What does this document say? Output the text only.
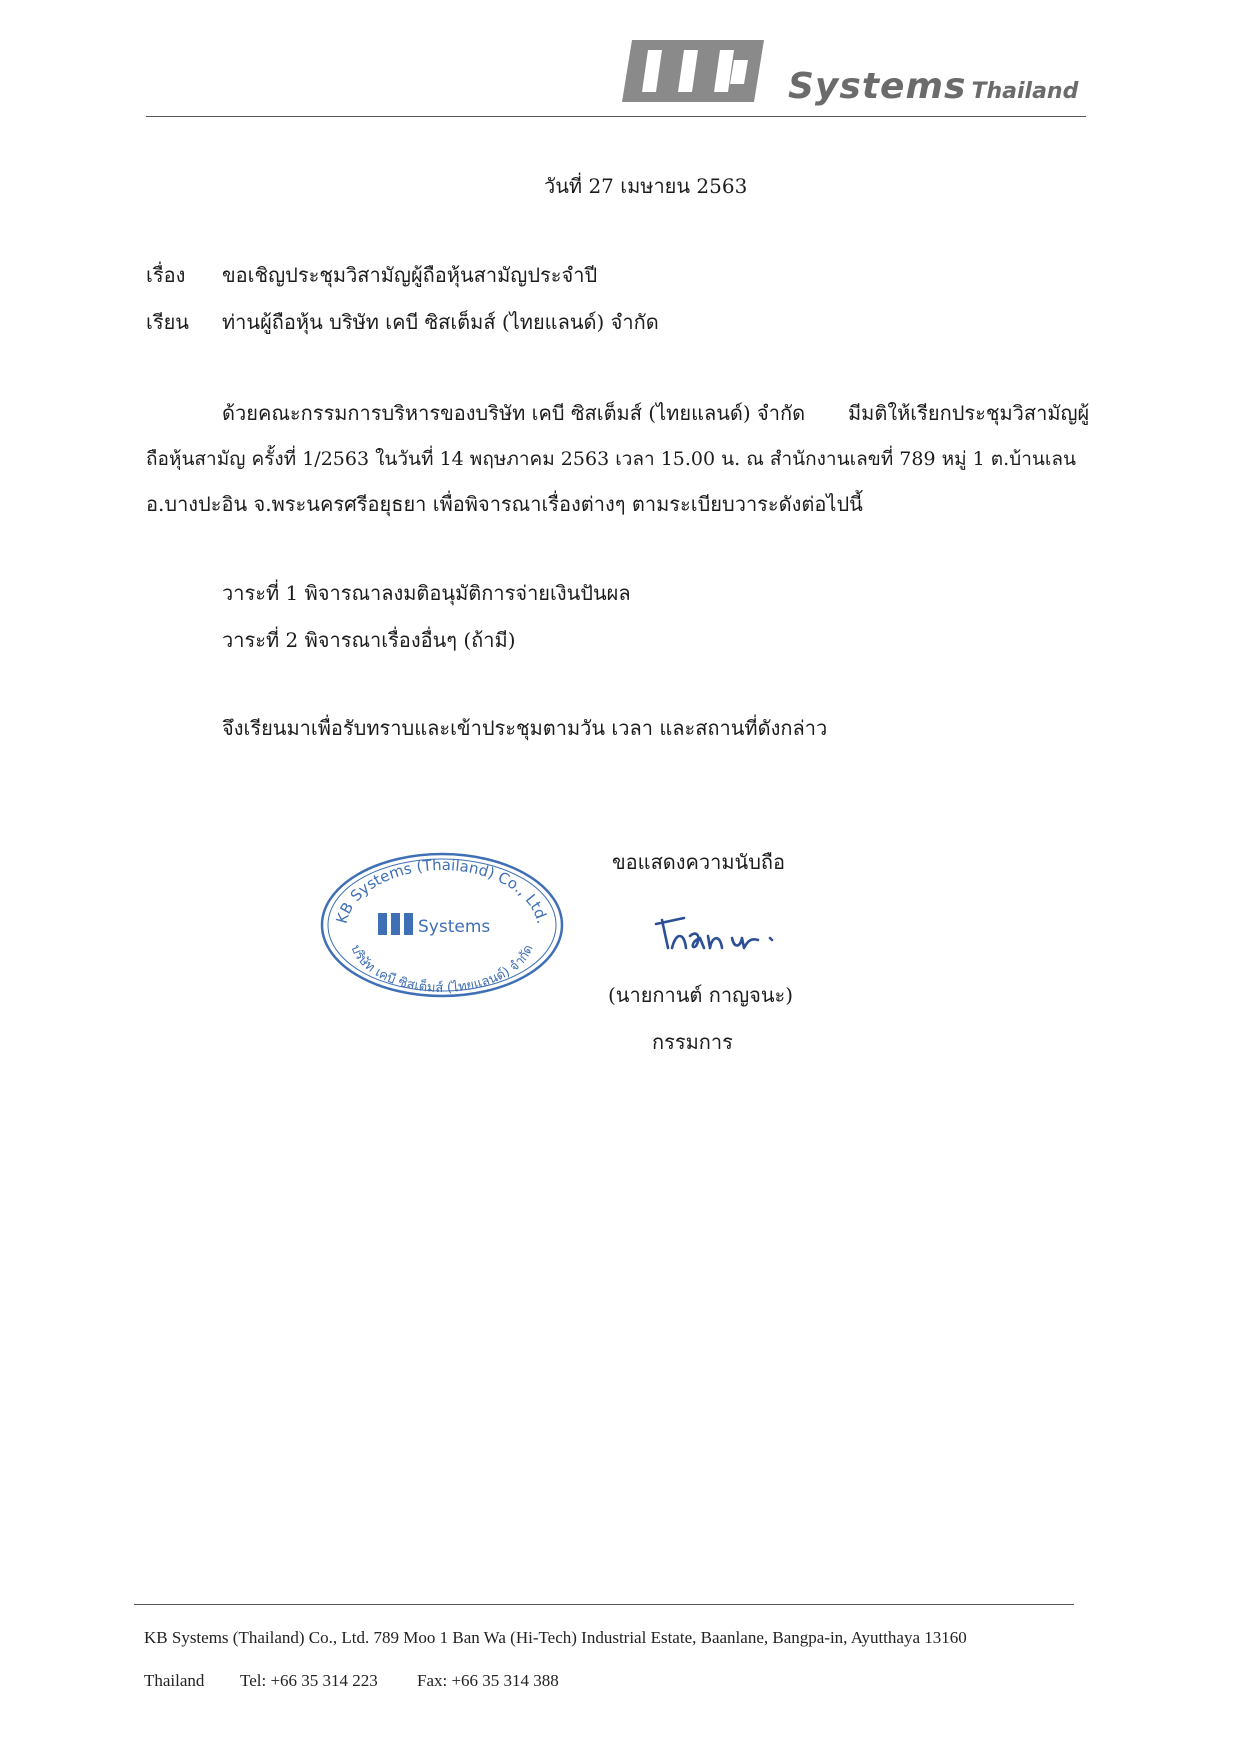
Systems Thailand
วันที่ 27 เมษายน 2563
เรื่อง ขอเชิญประชุมวิสามัญผู้ถือหุ้นสามัญประจำปี
เรียน ท่านผู้ถือหุ้น บริษัท เคบี ซิสเต็มส์ (ไทยแลนด์) จำกัด
ด้วยคณะกรรมการบริหารของบริษัท เคบี ซิสเต็มส์ (ไทยแลนด์) จำกัด มีมติให้เรียกประชุมวิสามัญผู้
ถือหุ้นสามัญ ครั้งที่ 1/2563 ในวันที่ 14 พฤษภาคม 2563 เวลา 15.00 น. ณ สำนักงานเลขที่ 789 หมู่ 1 ต.บ้านเลน
อ.บางปะอิน จ.พระนครศรีอยุธยา เพื่อพิจารณาเรื่องต่างๆ ตามระเบียบวาระดังต่อไปนี้
วาระที่ 1 พิจารณาลงมติอนุมัติการจ่ายเงินปันผล
วาระที่ 2 พิจารณาเรื่องอื่นๆ (ถ้ามี)
จึงเรียนมาเพื่อรับทราบและเข้าประชุมตามวัน เวลา และสถานที่ดังกล่าว
ขอแสดงความนับถือ
KB Systems (Thailand) Co., Ltd.
บริษัท เคบี ซิสเต็มส์ (ไทยแลนด์) จำกัด
Systems
(นายกานต์ กาญจนะ)
กรรมการ
KB Systems (Thailand) Co., Ltd. 789 Moo 1 Ban Wa (Hi-Tech) Industrial Estate, Baanlane, Bangpa-in, Ayutthaya 13160
Thailand Tel: +66 35 314 223 Fax: +66 35 314 388
